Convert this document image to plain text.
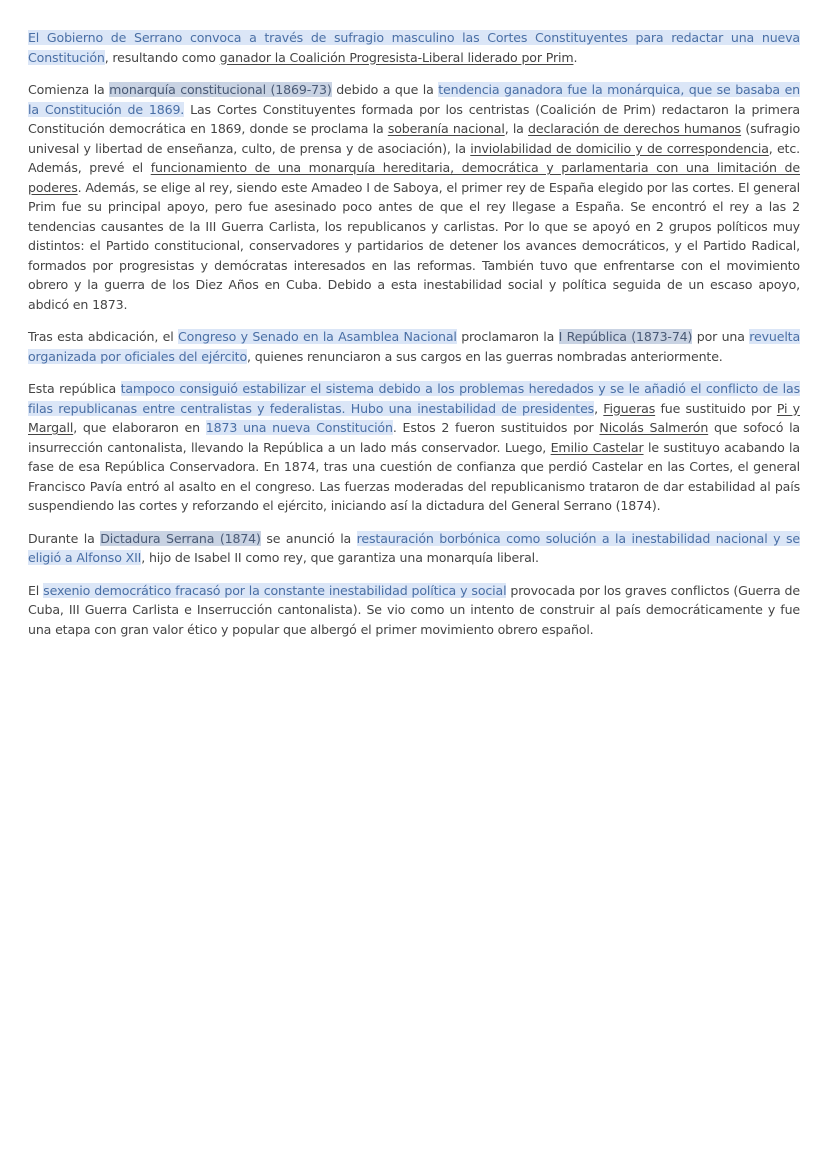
El Gobierno de Serrano convoca a través de sufragio masculino las Cortes Constituyentes para redactar una nueva Constitución, resultando como ganador la Coalición Progresista-Liberal liderado por Prim.

Comienza la monarquía constitucional (1869-73) debido a que la tendencia ganadora fue la monárquica, que se basaba en la Constitución de 1869. Las Cortes Constituyentes formada por los centristas (Coalición de Prim) redactaron la primera Constitución democrática en 1869, donde se proclama la soberanía nacional, la declaración de derechos humanos (sufragio univesal y libertad de enseñanza, culto, de prensa y de asociación), la inviolabilidad de domicilio y de correspondencia, etc. Además, prevé el funcionamiento de una monarquía hereditaria, democrática y parlamentaria con una limitación de poderes. Además, se elige al rey, siendo este Amadeo I de Saboya, el primer rey de España elegido por las cortes. El general Prim fue su principal apoyo, pero fue asesinado poco antes de que el rey llegase a España. Se encontró el rey a las 2 tendencias causantes de la III Guerra Carlista, los republicanos y carlistas. Por lo que se apoyó en 2 grupos políticos muy distintos: el Partido constitucional, conservadores y partidarios de detener los avances democráticos, y el Partido Radical, formados por progresistas y demócratas interesados en las reformas. También tuvo que enfrentarse con el movimiento obrero y la guerra de los Diez Años en Cuba. Debido a esta inestabilidad social y política seguida de un escaso apoyo, abdicó en 1873.

Tras esta abdicación, el Congreso y Senado en la Asamblea Nacional proclamaron la I República (1873-74) por una revuelta organizada por oficiales del ejército, quienes renunciaron a sus cargos en las guerras nombradas anteriormente.

Esta república tampoco consiguió estabilizar el sistema debido a los problemas heredados y se le añadió el conflicto de las filas republicanas entre centralistas y federalistas. Hubo una inestabilidad de presidentes, Figueras fue sustituido por Pi y Margall, que elaboraron en 1873 una nueva Constitución. Estos 2 fueron sustituidos por Nicolás Salmerón que sofocó la insurrección cantonalista, llevando la República a un lado más conservador. Luego, Emilio Castelar le sustituyo acabando la fase de esa República Conservadora. En 1874, tras una cuestión de confianza que perdió Castelar en las Cortes, el general Francisco Pavía entró al asalto en el congreso. Las fuerzas moderadas del republicanismo trataron de dar estabilidad al país suspendiendo las cortes y reforzando el ejército, iniciando así la dictadura del General Serrano (1874).

Durante la Dictadura Serrana (1874) se anunció la restauración borbónica como solución a la inestabilidad nacional y se eligió a Alfonso XII, hijo de Isabel II como rey, que garantiza una monarquía liberal.

El sexenio democrático fracasó por la constante inestabilidad política y social provocada por los graves conflictos (Guerra de Cuba, III Guerra Carlista e Inserrucción cantonalista). Se vio como un intento de construir al país democráticamente y fue una etapa con gran valor ético y popular que albergó el primer movimiento obrero español.
